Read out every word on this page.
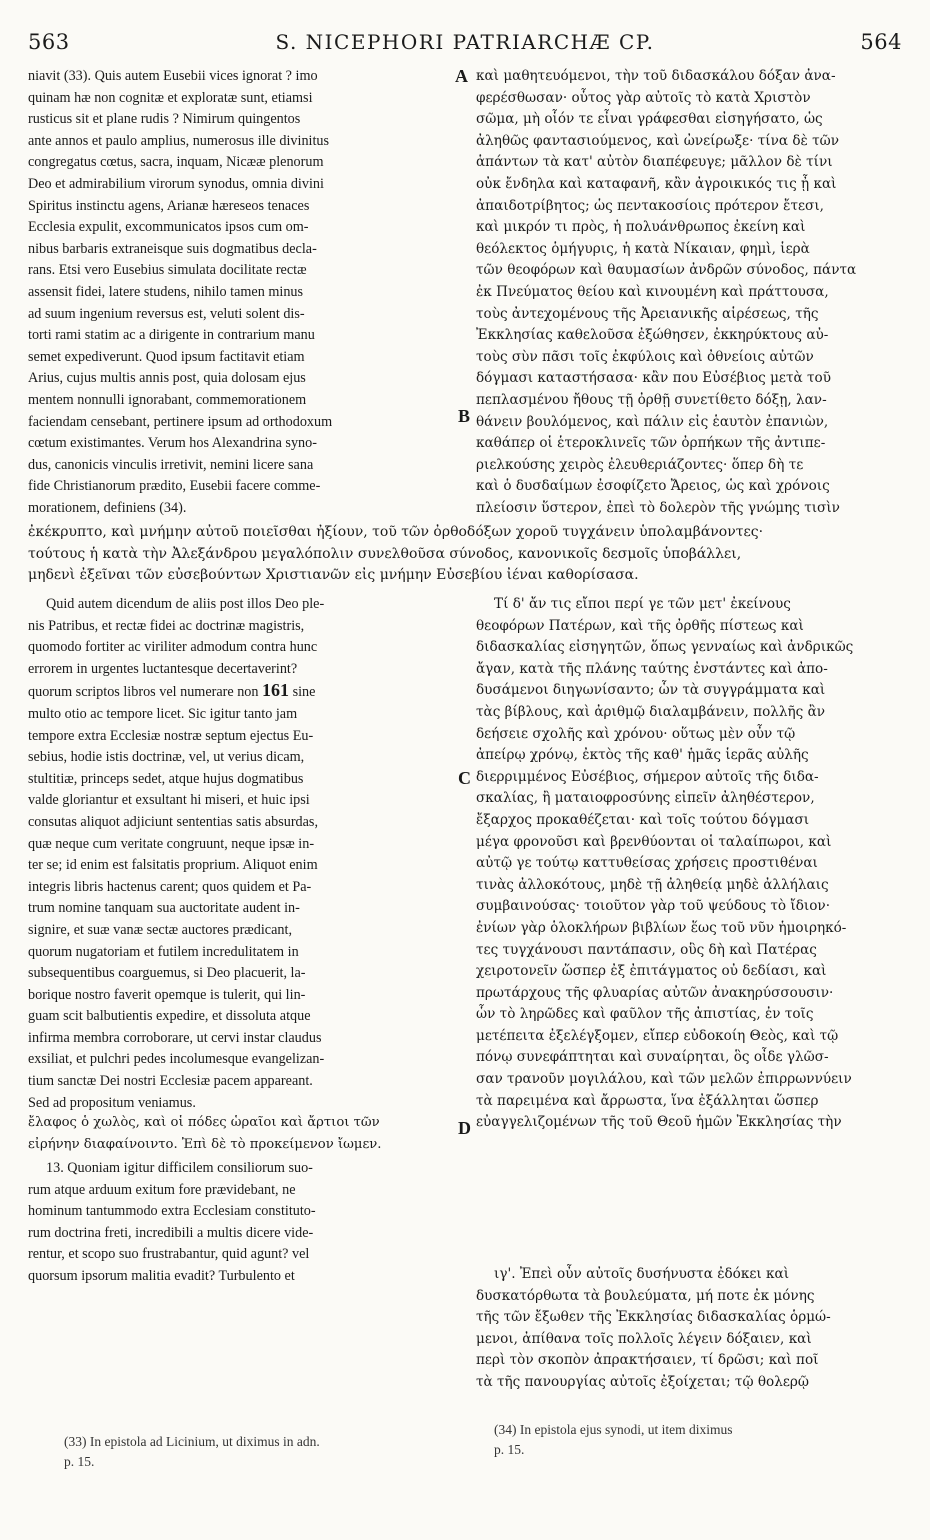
563	S. NICEPHORI PATRIARCHÆ CP.	564
niavit (33). Quis autem Eusebii vices ignorat ? imo
quinam hæ non cognitæ et exploratæ sunt, etiamsi
rusticus sit et plane rudis ? Nimirum quingentos
ante annos et paulo amplius, numerosus ille divinitus
congregatus cœtus, sacra, inquam, Nicææ plenorum
Deo et admirabilium virorum synodus, omnia divini
Spiritus instinctu agens, Arianæ hæreseos tenaces
Ecclesia expulit, excommunicatos ipsos cum om-
nibus barbaris extraneisque suis dogmatibus decla-
rans. Etsi vero Eusebius simulata docilitate rectæ
assensit fidei, latere studens, nihilo tamen minus
ad suum ingenium reversus est, veluti solent dis-
torti rami statim ac a dirigente in contrarium manu
semet expediverunt. Quod ipsum factitavit etiam
Arius, cujus multis annis post, quia dolosam ejus
mentem nonnulli ignorabant, commemorationem
faciendam censebant, pertinere ipsum ad orthodoxum
cœtum existimantes. Verum hos Alexandrina syno-
dus, canonicis vinculis irretivit, nemini licere sana
fide Christianorum prædito, Eusebii facere comme-
morationem, definiens (34).
A
B
C
D
καὶ μαθητευόμενοι, τὴν τοῦ διδασκάλου δόξαν ἀνα-
φερέσθωσαν· οὗτος γὰρ αὐτοῖς τὸ κατὰ Χριστὸν
σῶμα, μὴ οἷόν τε εἶναι γράφεσθαι εἰσηγήσατο, ὡς
ἀληθῶς φαντασιούμενος, καὶ ὠνείρωξε· τίνα δὲ τῶν
ἁπάντων τὰ κατ' αὐτὸν διαπέφευγε; μᾶλλον δὲ τίνι
οὐκ ἔνδηλα καὶ καταφανῆ, κἂν ἀγροικικός τις ᾖ καὶ
ἀπαιδοτρίβητος; ὡς πεντακοσίοις πρότερον ἔτεσι,
καὶ μικρόν τι πρὸς, ἡ πολυάνθρωπος ἐκείνη καὶ
θεόλεκτος ὁμήγυρις, ἡ κατὰ Νίκαιαν, φημὶ, ἱερὰ
τῶν θεοφόρων καὶ θαυμασίων ἀνδρῶν σύνοδος, πάντα
ἐκ Πνεύματος θείου καὶ κινουμένη καὶ πράττουσα,
τοὺς ἀντεχομένους τῆς Ἀρειανικῆς αἱρέσεως, τῆς
Ἐκκλησίας καθελοῦσα ἐξώθησεν, ἐκκηρύκτους αὐ-
τοὺς σὺν πᾶσι τοῖς ἐκφύλοις καὶ ὀθνείοις αὐτῶν
δόγμασι καταστήσασα· κἂν που Εὐσέβιος μετὰ τοῦ
πεπλασμένου ἤθους τῇ ὀρθῇ συνετίθετο δόξῃ, λαν-
θάνειν βουλόμενος, καὶ πάλιν εἰς ἑαυτὸν ἐπανιὼν,
καθάπερ οἱ ἑτεροκλινεῖς τῶν ὀρπήκων τῆς ἀντιπε-
ριελκούσης χειρὸς ἐλευθεριάζοντες· ὅπερ δὴ τε
καὶ ὁ δυσδαίμων ἐσοφίζετο Ἄρειος, ὡς καὶ χρόνοις
πλείοσιν ὕστερον, ἐπεὶ τὸ δολερὸν τῆς γνώμης τισὶν
ἐκέκρυπτο, καὶ μνήμην αὐτοῦ ποιεῖσθαι ἠξίουν, τοῦ τῶν ὀρθοδόξων χοροῦ τυγχάνειν ὑπολαμβάνοντες·
τούτους ἡ κατὰ τὴν Ἀλεξάνδρου μεγαλόπολιν συνελθοῦσα σύνοδος, κανονικοῖς δεσμοῖς ὑποβάλλει,
μηδενὶ ἐξεῖναι τῶν εὐσεβούντων Χριστιανῶν εἰς μνήμην Εὐσεβίου ἰέναι καθορίσασα.
Quid autem dicendum de aliis post illos Deo ple-
nis Patribus, et rectæ fidei ac doctrinæ magistris,
quomodo fortiter ac viriliter admodum contra hunc
errorem in urgentes luctantesque decertaverint?
quorum scriptos libros vel numerare non 161 sine
multo otio ac tempore licet. Sic igitur tanto jam
tempore extra Ecclesiæ nostræ septum ejectus Eu-
sebius, hodie istis doctrinæ, vel, ut verius dicam,
stultitiæ, princeps sedet, atque hujus dogmatibus
valde gloriantur et exsultant hi miseri, et huic ipsi
consutas aliquot adjiciunt sententias satis absurdas,
quæ neque cum veritate congruunt, neque ipsæ in-
ter se; id enim est falsitatis proprium. Aliquot enim
integris libris hactenus carent; quos quidem et Pa-
trum nomine tanquam sua auctoritate audent in-
signire, et suæ vanæ sectæ auctores prædicant,
quorum nugatoriam et futilem incredulitatem in
subsequentibus coarguemus, si Deo placuerit, la-
borique nostro faverit opemque is tulerit, qui lin-
guam scit balbutientis expedire, et dissoluta atque
infirma membra corroborare, ut cervi instar claudus
exsiliat, et pulchri pedes incolumesque evangelizan-
tium sanctæ Dei nostri Ecclesiæ pacem appareant.
Sed ad propositum veniamus.
ἔλαφος ὁ χωλὸς, καὶ οἱ πόδες ὡραῖοι καὶ ἄρτιοι τῶν
εἰρήνην διαφαίνοιντο. Ἐπὶ δὲ τὸ προκείμενον ἴωμεν.
13. Quoniam igitur difficilem consiliorum suo-
rum atque arduum exitum fore prævidebant, ne
hominum tantummodo extra Ecclesiam constituto-
rum doctrina freti, incredibili a multis dicere vide-
rentur, et scopo suo frustrabantur, quid agunt? vel
quorsum ipsorum malitia evadit? Turbulento et
Τί δ' ἄν τις εἴποι περί γε τῶν μετ' ἐκείνους
θεοφόρων Πατέρων, καὶ τῆς ὀρθῆς πίστεως καὶ
διδασκαλίας εἰσηγητῶν, ὅπως γενναίως καὶ ἀνδρικῶς
ἄγαν, κατὰ τῆς πλάνης ταύτης ἐνστάντες καὶ ἀπο-
δυσάμενοι διηγωνίσαντο; ὧν τὰ συγγράμματα καὶ
τὰς βίβλους, καὶ ἀριθμῷ διαλαμβάνειν, πολλῆς ἂν
δεήσειε σχολῆς καὶ χρόνου· οὕτως μὲν οὖν τῷ
ἀπείρῳ χρόνῳ, ἐκτὸς τῆς καθ' ἡμᾶς ἱερᾶς αὐλῆς
διερριμμένος Εὐσέβιος, σήμερον αὐτοῖς τῆς διδα-
σκαλίας, ἢ ματαιοφροσύνης εἰπεῖν ἀληθέστερον,
ἔξαρχος προκαθέζεται· καὶ τοῖς τούτου δόγμασι
μέγα φρονοῦσι καὶ βρενθύονται οἱ ταλαίπωροι, καὶ
αὐτῷ γε τούτῳ καττυθείσας χρήσεις προστιθέναι
τινὰς ἀλλοκότους, μηδὲ τῇ ἀληθείᾳ μηδὲ ἀλλήλαις
συμβαινούσας· τοιοῦτον γὰρ τοῦ ψεύδους τὸ ἴδιον·
ἐνίων γὰρ ὁλοκλήρων βιβλίων ἕως τοῦ νῦν ἡμοιρηκό-
τες τυγχάνουσι παντάπασιν, οὓς δὴ καὶ Πατέρας
χειροτονεῖν ὥσπερ ἐξ ἐπιτάγματος οὐ δεδίασι, καὶ
πρωτάρχους τῆς φλυαρίας αὐτῶν ἀνακηρύσσουσιν·
ὧν τὸ ληρῶδες καὶ φαῦλον τῆς ἀπιστίας, ἐν τοῖς
μετέπειτα ἐξελέγξομεν, εἴπερ εὐδοκοίη Θεὸς, καὶ τῷ
πόνῳ συνεφάπτηται καὶ συναίρηται, ὃς οἶδε γλῶσ-
σαν τρανοῦν μογιλάλου, καὶ τῶν μελῶν ἐπιρρωννύειν
τὰ παρειμένα καὶ ἄρρωστα, ἵνα ἐξάλληται ὥσπερ
εὐαγγελιζομένων τῆς τοῦ Θεοῦ ἡμῶν Ἐκκλησίας τὴν
ιγ'. Ἐπεὶ οὖν αὐτοῖς δυσήνυστα ἐδόκει καὶ
δυσκατόρθωτα τὰ βουλεύματα, μή ποτε ἐκ μόνης
τῆς τῶν ἔξωθεν τῆς Ἐκκλησίας διδασκαλίας ὁρμώ-
μενοι, ἀπίθανα τοῖς πολλοῖς λέγειν δόξαιεν, καὶ
περὶ τὸν σκοπὸν ἀπρακτήσαιεν, τί δρῶσι; καὶ ποῖ
τὰ τῆς πανουργίας αὐτοῖς ἐξοίχεται; τῷ θολερῷ
(33) In epistola ad Licinium, ut diximus in adn.
p. 15.
(34) In epistola ejus synodi, ut item diximus
p. 15.
